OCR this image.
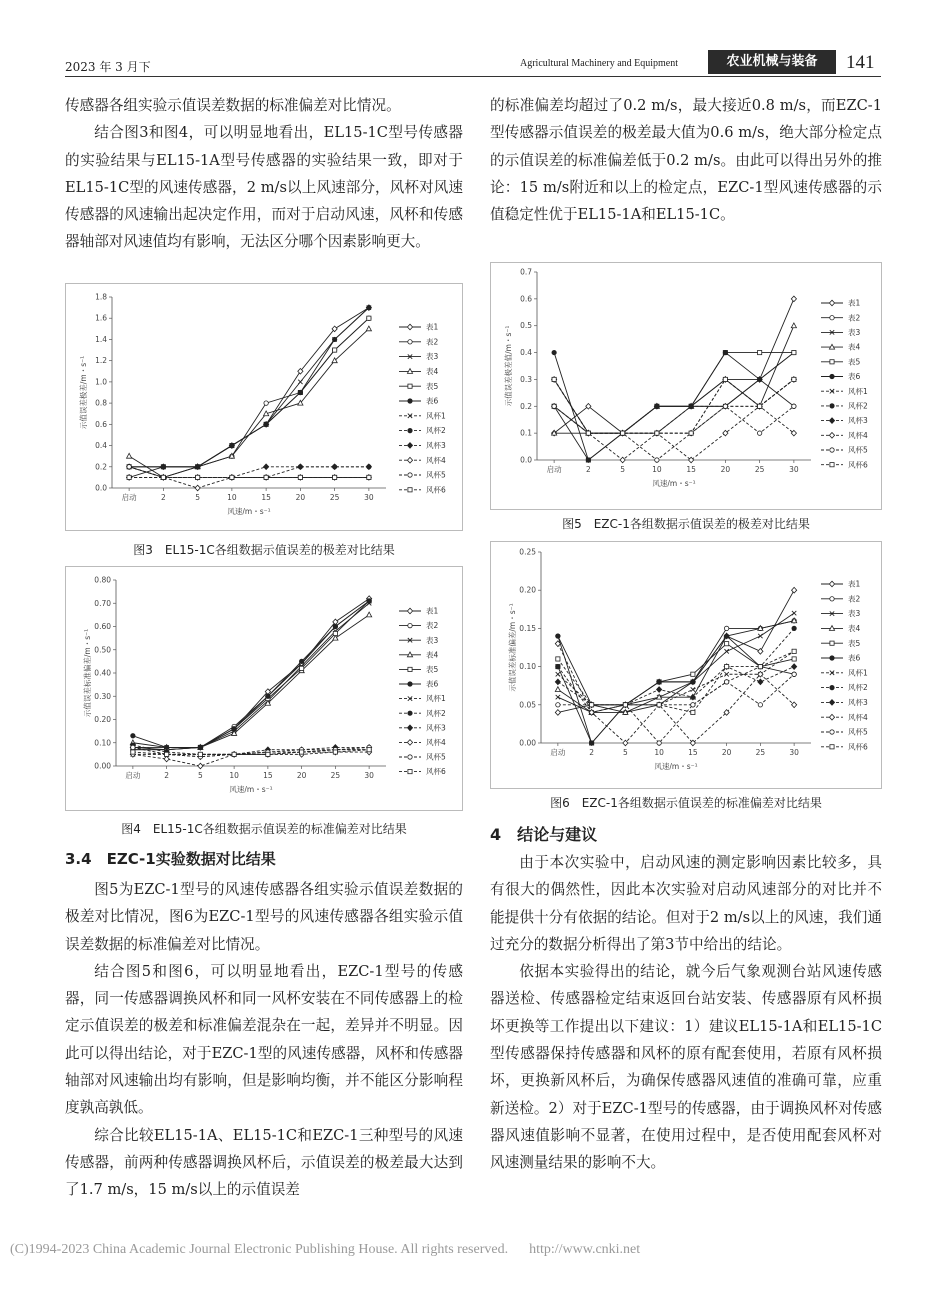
2023 年 3 月下	Agricultural Machinery and Equipment	农业机械与装备	141

传感器各组实验示值误差数据的标准偏差对比情况。

结合图3和图4，可以明显地看出，EL15-1C型号传感器的实验结果与EL15-1A型号传感器的实验结果一致，即对于EL15-1C型的风速传感器，2 m/s以上风速部分，风杯对风速传感器的风速输出起决定作用，而对于启动风速，风杯和传感器轴部对风速值均有影响，无法区分哪个因素影响更大。

0.0
0.2
0.4
0.6
0.8
1.0
1.2
1.4
1.6
1.8
启动	2	5	10	15	20	25	30
风速/m・s⁻¹
示值误差极差/m・s⁻¹
表1
表2
表3
表4
表5
表6
风杯1
风杯2
风杯3
风杯4
风杯5
风杯6
图3　EL15-1C各组数据示值误差的极差对比结果
0.00
0.10
0.20
0.30
0.40
0.50
0.60
0.70
0.80
启动	2	5	10	15	20	25	30
风速/m・s⁻¹
示值误差标准偏差/m・s⁻¹
表1
表2
表3
表4
表5
表6
风杯1
风杯2
风杯3
风杯4
风杯5
风杯6
图4　EL15-1C各组数据示值误差的标准偏差对比结果
3.4　EZC-1实验数据对比结果

图5为EZC-1型号的风速传感器各组实验示值误差数据的极差对比情况，图6为EZC-1型号的风速传感器各组实验示值误差数据的标准偏差对比情况。

结合图5和图6，可以明显地看出，EZC-1型号的传感器，同一传感器调换风杯和同一风杯安装在不同传感器上的检定示值误差的极差和标准偏差混杂在一起，差异并不明显。因此可以得出结论，对于EZC-1型的风速传感器，风杯和传感器轴部对风速输出均有影响，但是影响均衡，并不能区分影响程度孰高孰低。

综合比较EL15-1A、EL15-1C和EZC-1三种型号的风速传感器，前两种传感器调换风杯后，示值误差的极差最大达到了1.7 m/s，15 m/s以上的示值误差

的标准偏差均超过了0.2 m/s，最大接近0.8 m/s，而EZC-1型传感器示值误差的极差最大值为0.6 m/s，绝大部分检定点的示值误差的标准偏差低于0.2 m/s。由此可以得出另外的推论：15 m/s附近和以上的检定点，EZC-1型风速传感器的示值稳定性优于EL15-1A和EL15-1C。

0.0
0.1
0.2
0.3
0.4
0.5
0.6
0.7
启动	2	5	10	15	20	25	30
风速/m・s⁻¹
示值误差极差值/m・s⁻¹
表1
表2
表3
表4
表5
表6
风杯1
风杯2
风杯3
风杯4
风杯5
风杯6
图5　EZC-1各组数据示值误差的极差对比结果
0.00
0.05
0.10
0.15
0.20
0.25
启动	2	5	10	15	20	25	30
风速/m・s⁻¹
示值误差标准偏差/m・s⁻¹
表1
表2
表3
表4
表5
表6
风杯1
风杯2
风杯3
风杯4
风杯5
风杯6
图6　EZC-1各组数据示值误差的标准偏差对比结果
4　结论与建议

由于本次实验中，启动风速的测定影响因素比较多，具有很大的偶然性，因此本次实验对启动风速部分的对比并不能提供十分有依据的结论。但对于2 m/s以上的风速，我们通过充分的数据分析得出了第3节中给出的结论。

依据本实验得出的结论，就今后气象观测台站风速传感器送检、传感器检定结束返回台站安装、传感器原有风杯损坏更换等工作提出以下建议：1）建议EL15-1A和EL15-1C型传感器保持传感器和风杯的原有配套使用，若原有风杯损坏，更换新风杯后，为确保传感器风速值的准确可靠，应重新送检。2）对于EZC-1型号的传感器，由于调换风杯对传感器风速值影响不显著，在使用过程中，是否使用配套风杯对风速测量结果的影响不大。

(C)1994-2023 China Academic Journal Electronic Publishing House. All rights reserved. http://www.cnki.net
